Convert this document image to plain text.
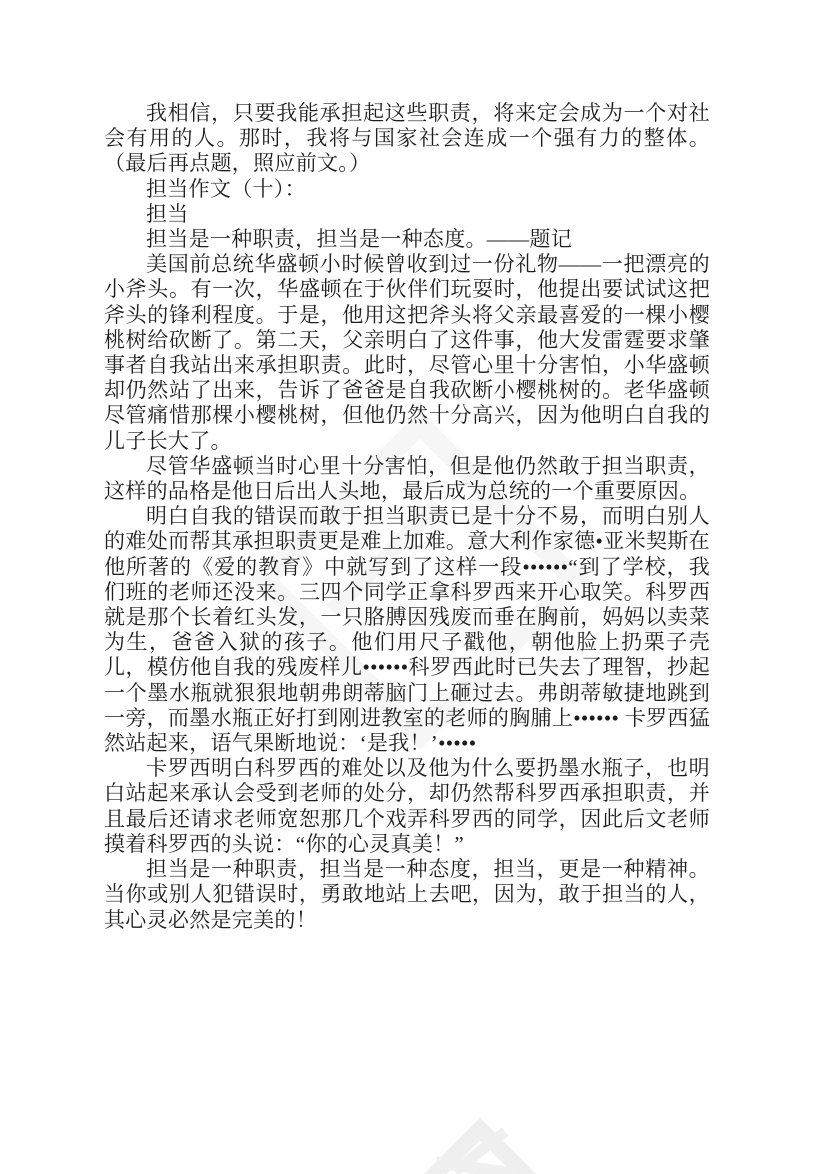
我相信，只要我能承担起这些职责，将来定会成为一个对社会有用的人。那时，我将与国家社会连成一个强有力的整体。（最后再点题，照应前文。）

担当作文（十）：

担当

担当是一种职责，担当是一种态度。——题记

美国前总统华盛顿小时候曾收到过一份礼物——一把漂亮的小斧头。有一次，华盛顿在于伙伴们玩耍时，他提出要试试这把斧头的锋利程度。于是，他用这把斧头将父亲最喜爱的一棵小樱桃树给砍断了。第二天，父亲明白了这件事，他大发雷霆要求肇事者自我站出来承担职责。此时，尽管心里十分害怕，小华盛顿却仍然站了出来，告诉了爸爸是自我砍断小樱桃树的。老华盛顿尽管痛惜那棵小樱桃树，但他仍然十分高兴，因为他明白自我的儿子长大了。

尽管华盛顿当时心里十分害怕，但是他仍然敢于担当职责，这样的品格是他日后出人头地，最后成为总统的一个重要原因。

明白自我的错误而敢于担当职责已是十分不易，而明白别人的难处而帮其承担职责更是难上加难。意大利作家德•亚米契斯在他所著的《爱的教育》中就写到了这样一段••••••“到了学校，我们班的老师还没来。三四个同学正拿科罗西来开心取笑。科罗西就是那个长着红头发，一只胳膊因残废而垂在胸前，妈妈以卖菜为生，爸爸入狱的孩子。他们用尺子戳他，朝他脸上扔栗子壳儿，模仿他自我的残废样儿••••••科罗西此时已失去了理智，抄起一个墨水瓶就狠狠地朝弗朗蒂脑门上砸过去。弗朗蒂敏捷地跳到一旁，而墨水瓶正好打到刚进教室的老师的胸脯上•••••• 卡罗西猛然站起来，语气果断地说：‘是我！’•••••

卡罗西明白科罗西的难处以及他为什么要扔墨水瓶子，也明白站起来承认会受到老师的处分，却仍然帮科罗西承担职责，并且最后还请求老师宽恕那几个戏弄科罗西的同学，因此后文老师摸着科罗西的头说：“你的心灵真美！”

担当是一种职责，担当是一种态度，担当，更是一种精神。当你或别人犯错误时，勇敢地站上去吧，因为，敢于担当的人，其心灵必然是完美的！
